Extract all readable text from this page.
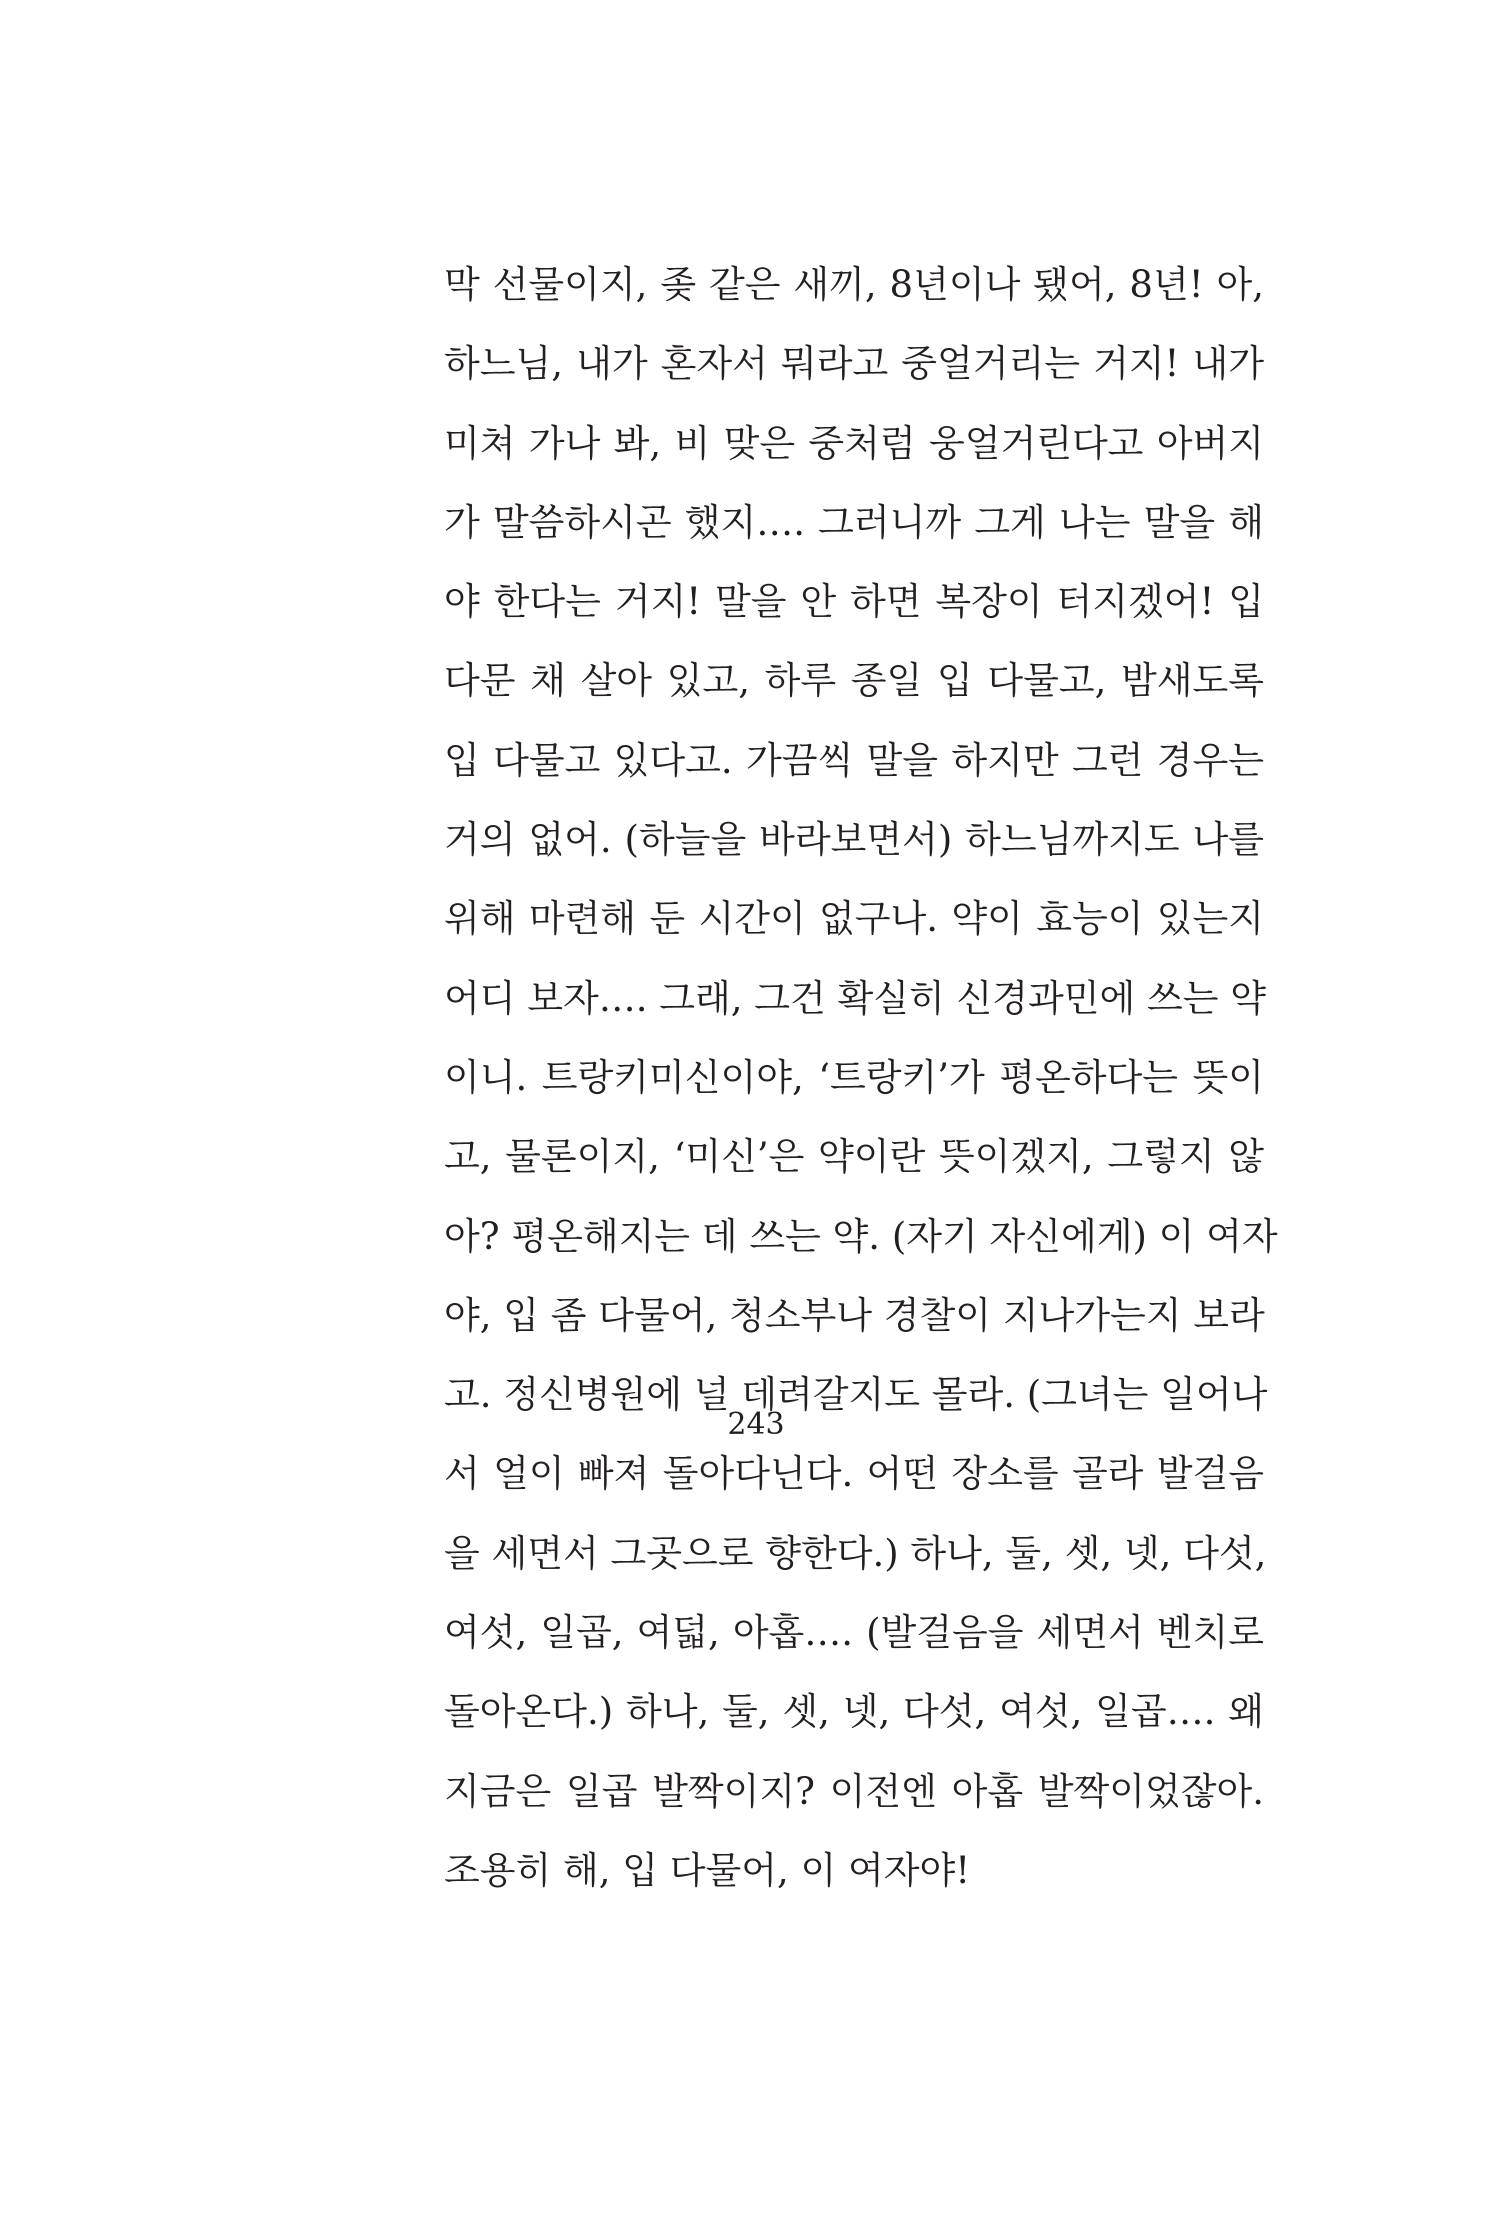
막 선물이지, 좆 같은 새끼, 8년이나 됐어, 8년! 아,
하느님, 내가 혼자서 뭐라고 중얼거리는 거지! 내가
미쳐 가나 봐, 비 맞은 중처럼 웅얼거린다고 아버지
가 말씀하시곤 했지…. 그러니까 그게 나는 말을 해
야 한다는 거지! 말을 안 하면 복장이 터지겠어! 입
다문 채 살아 있고, 하루 종일 입 다물고, 밤새도록
입 다물고 있다고. 가끔씩 말을 하지만 그런 경우는
거의 없어. (하늘을 바라보면서) 하느님까지도 나를
위해 마련해 둔 시간이 없구나. 약이 효능이 있는지
어디 보자…. 그래, 그건 확실히 신경과민에 쓰는 약
이니. 트랑키미신이야, ‘트랑키’가 평온하다는 뜻이
고, 물론이지, ‘미신’은 약이란 뜻이겠지, 그렇지 않
아? 평온해지는 데 쓰는 약. (자기 자신에게) 이 여자
야, 입 좀 다물어, 청소부나 경찰이 지나가는지 보라
고. 정신병원에 널 데려갈지도 몰라. (그녀는 일어나
서 얼이 빠져 돌아다닌다. 어떤 장소를 골라 발걸음
을 세면서 그곳으로 향한다.) 하나, 둘, 셋, 넷, 다섯,
여섯, 일곱, 여덟, 아홉…. (발걸음을 세면서 벤치로
돌아온다.) 하나, 둘, 셋, 넷, 다섯, 여섯, 일곱…. 왜
지금은 일곱 발짝이지? 이전엔 아홉 발짝이었잖아.
조용히 해, 입 다물어, 이 여자야!
243
